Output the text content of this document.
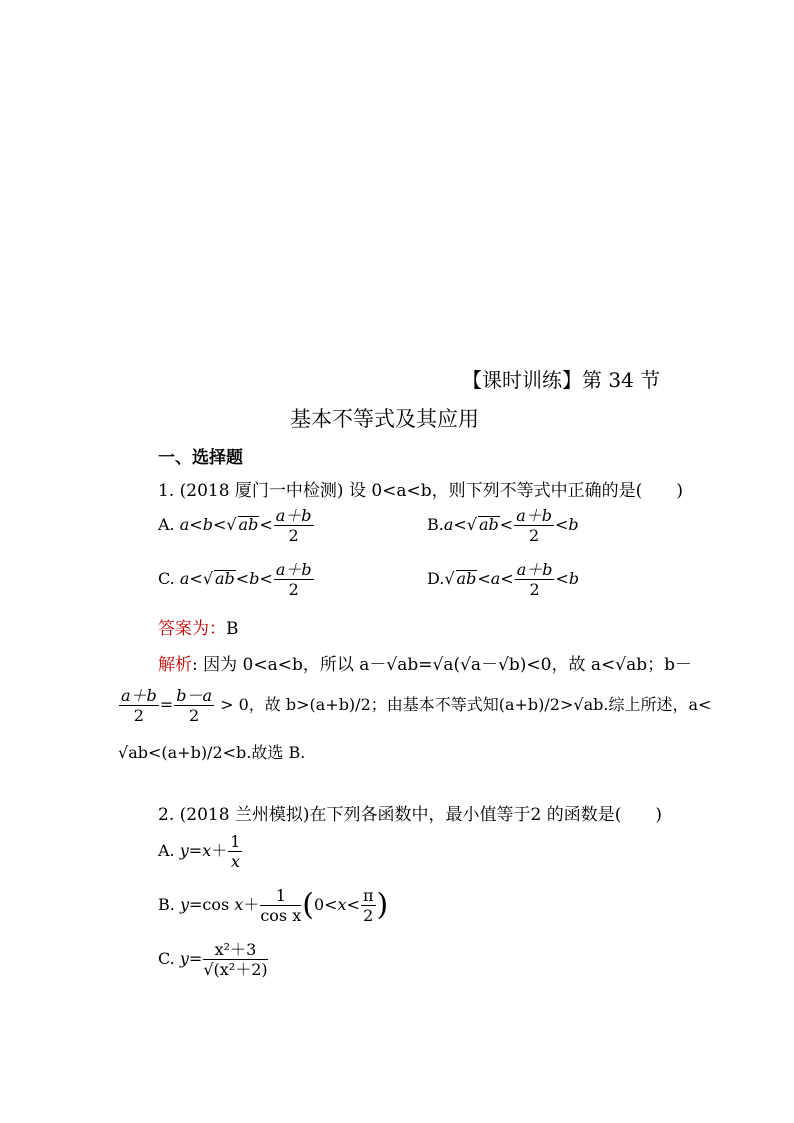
【课时训练】第 34 节
基本不等式及其应用
一、选择题
1. (2018 厦门一中检测) 设 0<a<b，则下列不等式中正确的是(　　)
A. a<b<√ $ab< \frac{a+b}{2}$	B.a<√ $ab< \frac{a+b}{2} <b$
C. a<√ $ab<b< \frac{a+b}{2}$	D.√ $ab<a< \frac{a+b}{2} <b$
答案为：B
解析: 因为 0<a<b，所以 a－√ab=√a(√a－√b)<0，故 a<√ab；b－
$\frac{a+b}{2} = \frac{b-a}{2} > 0$，故 b>(a+b)/2；由基本不等式知(a+b)/2>√ab.综上所述，a<
√ab<(a+b)/2<b.故选 B.
2. (2018 兰州模拟)在下列各函数中，最小值等于2 的函数是(　　)
A. $y=x+ \frac{1}{x}$
B. y=cos $x+ \frac{1}{\text{cos x}} (0<x< \frac{\pi}{2}$ )
C. $y= \frac{\text{x²＋3}}{\text{√(x²＋2)}}$
